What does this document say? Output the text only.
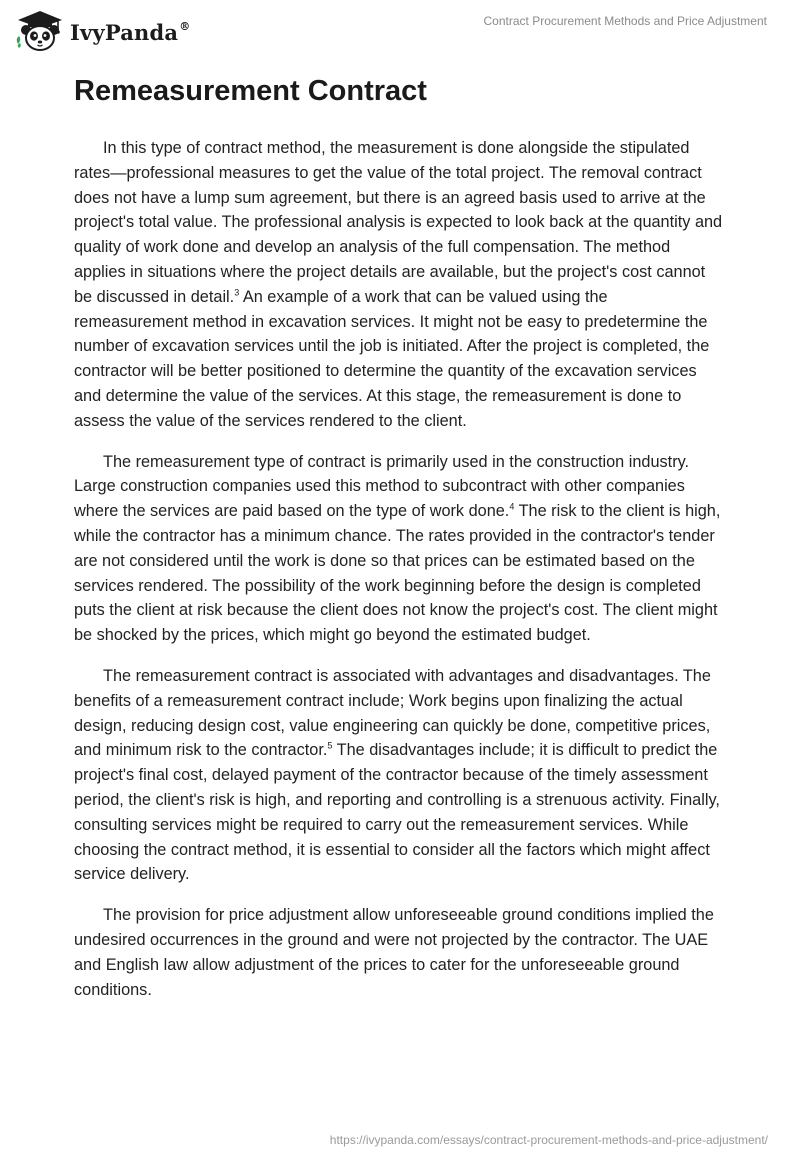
IvyPanda®	Contract Procurement Methods and Price Adjustment
Remeasurement Contract

In this type of contract method, the measurement is done alongside the stipulated rates—professional measures to get the value of the total project. The removal contract does not have a lump sum agreement, but there is an agreed basis used to arrive at the project's total value. The professional analysis is expected to look back at the quantity and quality of work done and develop an analysis of the full compensation. The method applies in situations where the project details are available, but the project's cost cannot be discussed in detail.$^3$ An example of a work that can be valued using the remeasurement method in excavation services. It might not be easy to predetermine the number of excavation services until the job is initiated. After the project is completed, the contractor will be better positioned to determine the quantity of the excavation services and determine the value of the services. At this stage, the remeasurement is done to assess the value of the services rendered to the client.

The remeasurement type of contract is primarily used in the construction industry. Large construction companies used this method to subcontract with other companies where the services are paid based on the type of work done.$^4$ The risk to the client is high, while the contractor has a minimum chance. The rates provided in the contractor's tender are not considered until the work is done so that prices can be estimated based on the services rendered. The possibility of the work beginning before the design is completed puts the client at risk because the client does not know the project's cost. The client might be shocked by the prices, which might go beyond the estimated budget.

The remeasurement contract is associated with advantages and disadvantages. The benefits of a remeasurement contract include; Work begins upon finalizing the actual design, reducing design cost, value engineering can quickly be done, competitive prices, and minimum risk to the contractor.$^5$ The disadvantages include; it is difficult to predict the project's final cost, delayed payment of the contractor because of the timely assessment period, the client's risk is high, and reporting and controlling is a strenuous activity. Finally, consulting services might be required to carry out the remeasurement services. While choosing the contract method, it is essential to consider all the factors which might affect service delivery.

The provision for price adjustment allow unforeseeable ground conditions implied the undesired occurrences in the ground and were not projected by the contractor. The UAE and English law allow adjustment of the prices to cater for the unforeseeable ground conditions.

https://ivypanda.com/essays/contract-procurement-methods-and-price-adjustment/
